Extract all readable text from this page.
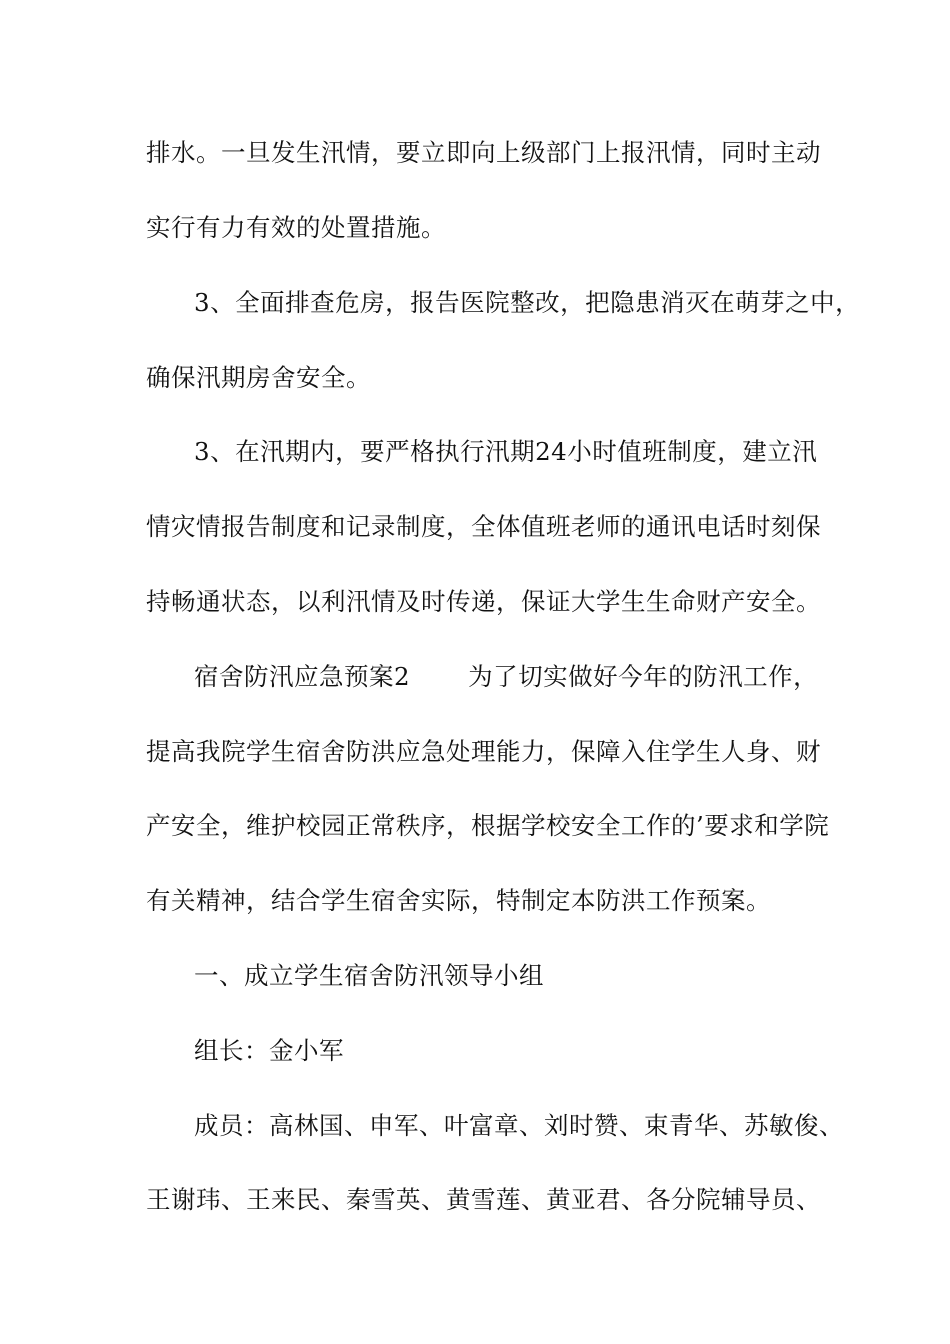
排水。一旦发生汛情，要立即向上级部门上报汛情，同时主动
实行有力有效的处置措施。
3、全面排查危房，报告医院整改，把隐患消灭在萌芽之中，
确保汛期房舍安全。
3、在汛期内，要严格执行汛期24小时值班制度，建立汛
情灾情报告制度和记录制度，全体值班老师的通讯电话时刻保
持畅通状态，以利汛情及时传递，保证大学生生命财产安全。
宿舍防汛应急预案2 为了切实做好今年的防汛工作，
提高我院学生宿舍防洪应急处理能力，保障入住学生人身、财
产安全，维护校园正常秩序，根据学校安全工作的’要求和学院
有关精神，结合学生宿舍实际，特制定本防洪工作预案。
一、成立学生宿舍防汛领导小组
组长：金小军
成员：高林国、申军、叶富章、刘时赞、束青华、苏敏俊、
王谢玮、王来民、秦雪英、黄雪莲、黄亚君、各分院辅导员、
